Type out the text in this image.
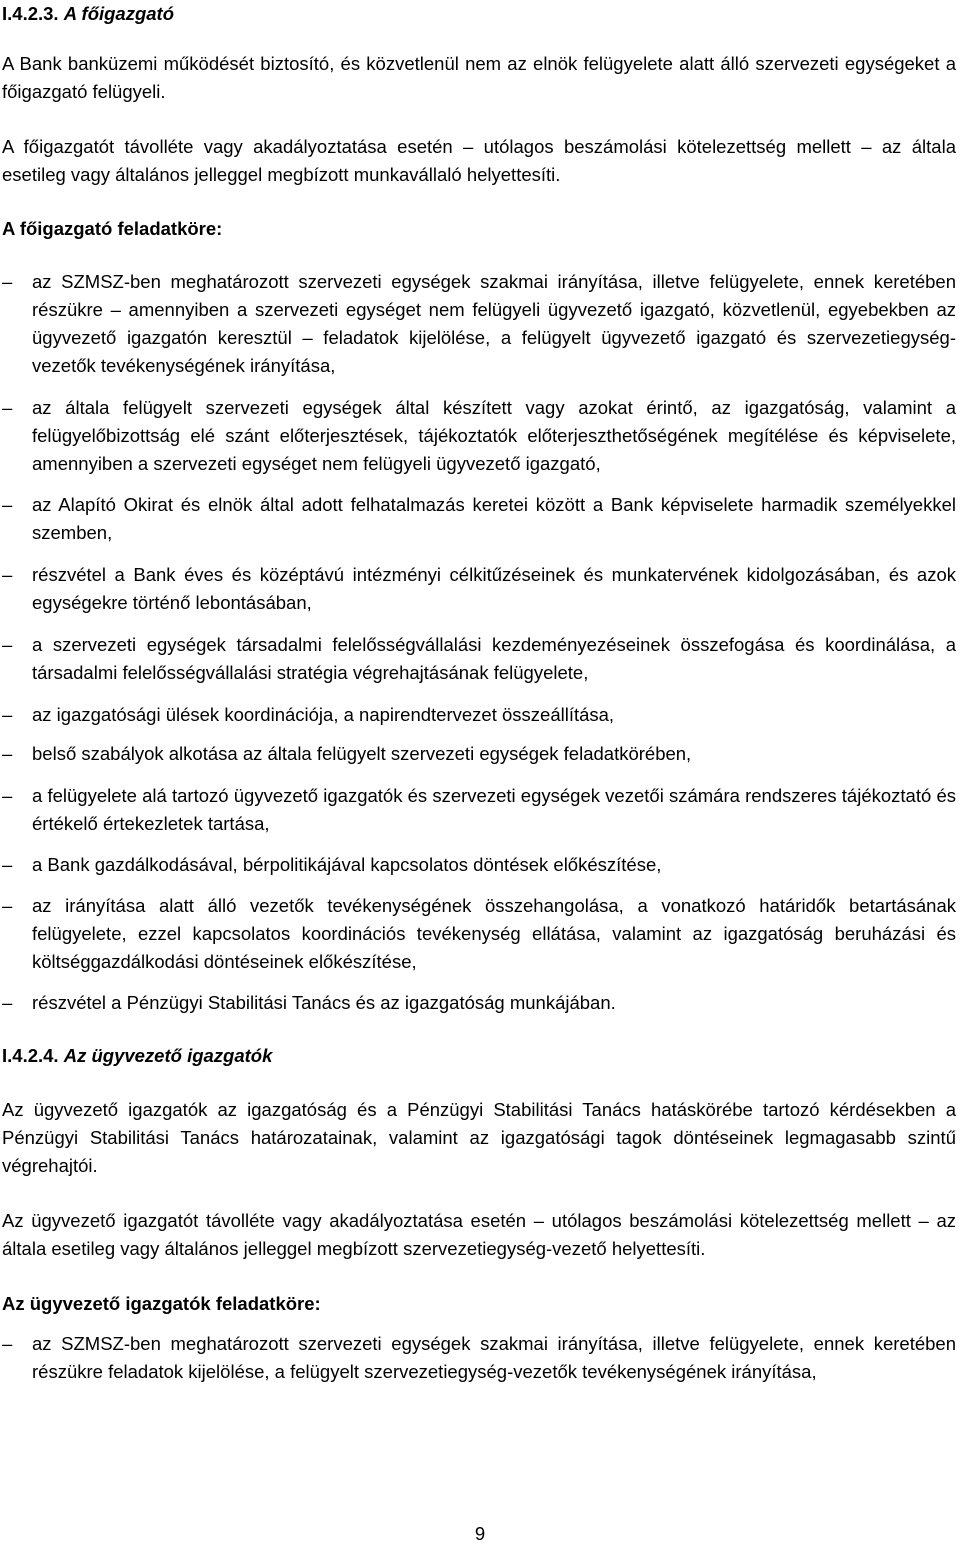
I.4.2.3. A főigazgató

A Bank banküzemi működését biztosító, és közvetlenül nem az elnök felügyelete alatt álló szervezeti egységeket a főigazgató felügyeli.

A főigazgatót távolléte vagy akadályoztatása esetén – utólagos beszámolási kötelezettség mellett – az általa esetileg vagy általános jelleggel megbízott munkavállaló helyettesíti.

A főigazgató feladatköre:

–	az SZMSZ-ben meghatározott szervezeti egységek szakmai irányítása, illetve felügyelete, ennek keretében részükre – amennyiben a szervezeti egységet nem felügyeli ügyvezető igazgató, közvetlenül, egyebekben az ügyvezető igazgatón keresztül – feladatok kijelölése, a felügyelt ügyvezető igazgató és szervezetiegység-vezetők tevékenységének irányítása,

–	az általa felügyelt szervezeti egységek által készített vagy azokat érintő, az igazgatóság, valamint a felügyelőbizottság elé szánt előterjesztések, tájékoztatók előterjeszthetőségének megítélése és képviselete, amennyiben a szervezeti egységet nem felügyeli ügyvezető igazgató,

–	az Alapító Okirat és elnök által adott felhatalmazás keretei között a Bank képviselete harmadik személyekkel szemben,

–	részvétel a Bank éves és középtávú intézményi célkitűzéseinek és munkatervének kidolgozásában, és azok egységekre történő lebontásában,

–	a szervezeti egységek társadalmi felelősségvállalási kezdeményezéseinek összefogása és koordinálása, a társadalmi felelősségvállalási stratégia végrehajtásának felügyelete,

–	az igazgatósági ülések koordinációja, a napirendtervezet összeállítása,

–	belső szabályok alkotása az általa felügyelt szervezeti egységek feladatkörében,

–	a felügyelete alá tartozó ügyvezető igazgatók és szervezeti egységek vezetői számára rendszeres tájékoztató és értékelő értekezletek tartása,

–	a Bank gazdálkodásával, bérpolitikájával kapcsolatos döntések előkészítése,

–	az irányítása alatt álló vezetők tevékenységének összehangolása, a vonatkozó határidők betartásának felügyelete, ezzel kapcsolatos koordinációs tevékenység ellátása, valamint az igazgatóság beruházási és költséggazdálkodási döntéseinek előkészítése,

–	részvétel a Pénzügyi Stabilitási Tanács és az igazgatóság munkájában.

I.4.2.4. Az ügyvezető igazgatók

Az ügyvezető igazgatók az igazgatóság és a Pénzügyi Stabilitási Tanács hatáskörébe tartozó kérdésekben a Pénzügyi Stabilitási Tanács határozatainak, valamint az igazgatósági tagok döntéseinek legmagasabb szintű végrehajtói.

Az ügyvezető igazgatót távolléte vagy akadályoztatása esetén – utólagos beszámolási kötelezettség mellett – az általa esetileg vagy általános jelleggel megbízott szervezetiegység-vezető helyettesíti.

Az ügyvezető igazgatók feladatköre:

–	az SZMSZ-ben meghatározott szervezeti egységek szakmai irányítása, illetve felügyelete, ennek keretében részükre feladatok kijelölése, a felügyelt szervezetiegység-vezetők tevékenységének irányítása,

9
